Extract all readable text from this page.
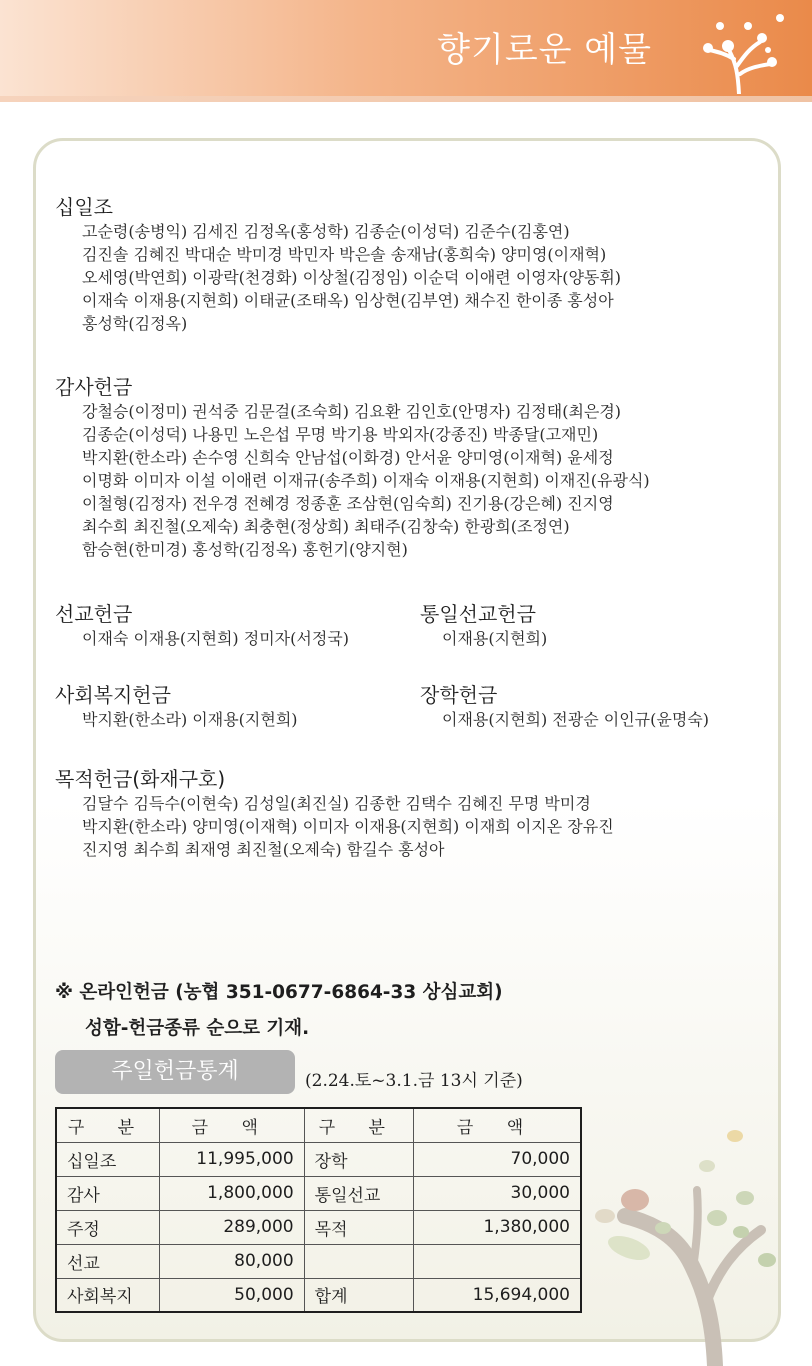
향기로운 예물
십일조
고순령(송병익) 김세진 김정옥(홍성학) 김종순(이성덕) 김준수(김홍연)
김진솔 김혜진 박대순 박미경 박민자 박은솔 송재남(홍희숙) 양미영(이재혁)
오세영(박연희) 이광락(천경화) 이상철(김정임) 이순덕 이애련 이영자(양동휘)
이재숙 이재용(지현희) 이태균(조태옥) 임상현(김부연) 채수진 한이종 홍성아
홍성학(김정옥)
감사헌금
강철승(이정미) 권석중 김문걸(조숙희) 김요환 김인호(안명자) 김정태(최은경)
김종순(이성덕) 나용민 노은섭 무명 박기용 박외자(강종진) 박종달(고재민)
박지환(한소라) 손수영 신희숙 안남섭(이화경) 안서윤 양미영(이재혁) 윤세정
이명화 이미자 이설 이애련 이재규(송주희) 이재숙 이재용(지현희) 이재진(유광식)
이철형(김정자) 전우경 전혜경 정종훈 조삼현(임숙희) 진기용(강은혜) 진지영
최수희 최진철(오제숙) 최충현(정상희) 최태주(김창숙) 한광희(조정연)
함승현(한미경) 홍성학(김정옥) 홍헌기(양지현)
선교헌금
이재숙 이재용(지현희) 정미자(서정국)
통일선교헌금
이재용(지현희)
사회복지헌금
박지환(한소라) 이재용(지현희)
장학헌금
이재용(지현희) 전광순 이인규(윤명숙)
목적헌금(화재구호)
김달수 김득수(이현숙) 김성일(최진실) 김종한 김택수 김혜진 무명 박미경
박지환(한소라) 양미영(이재혁) 이미자 이재용(지현희) 이재희 이지온 장유진
진지영 최수희 최재영 최진철(오제숙) 함길수 홍성아
※ 온라인헌금 (농협 351-0677-6864-33 상심교회)
성함-헌금종류 순으로 기재.
주일헌금통계	(2.24.토~3.1.금 13시 기준)
구 분	금 액	구 분	금 액
십일조	11,995,000	장학	70,000
감사	1,800,000	통일선교	30,000
주정	289,000	목적	1,380,000
선교	80,000		
사회복지	50,000	합계	15,694,000
